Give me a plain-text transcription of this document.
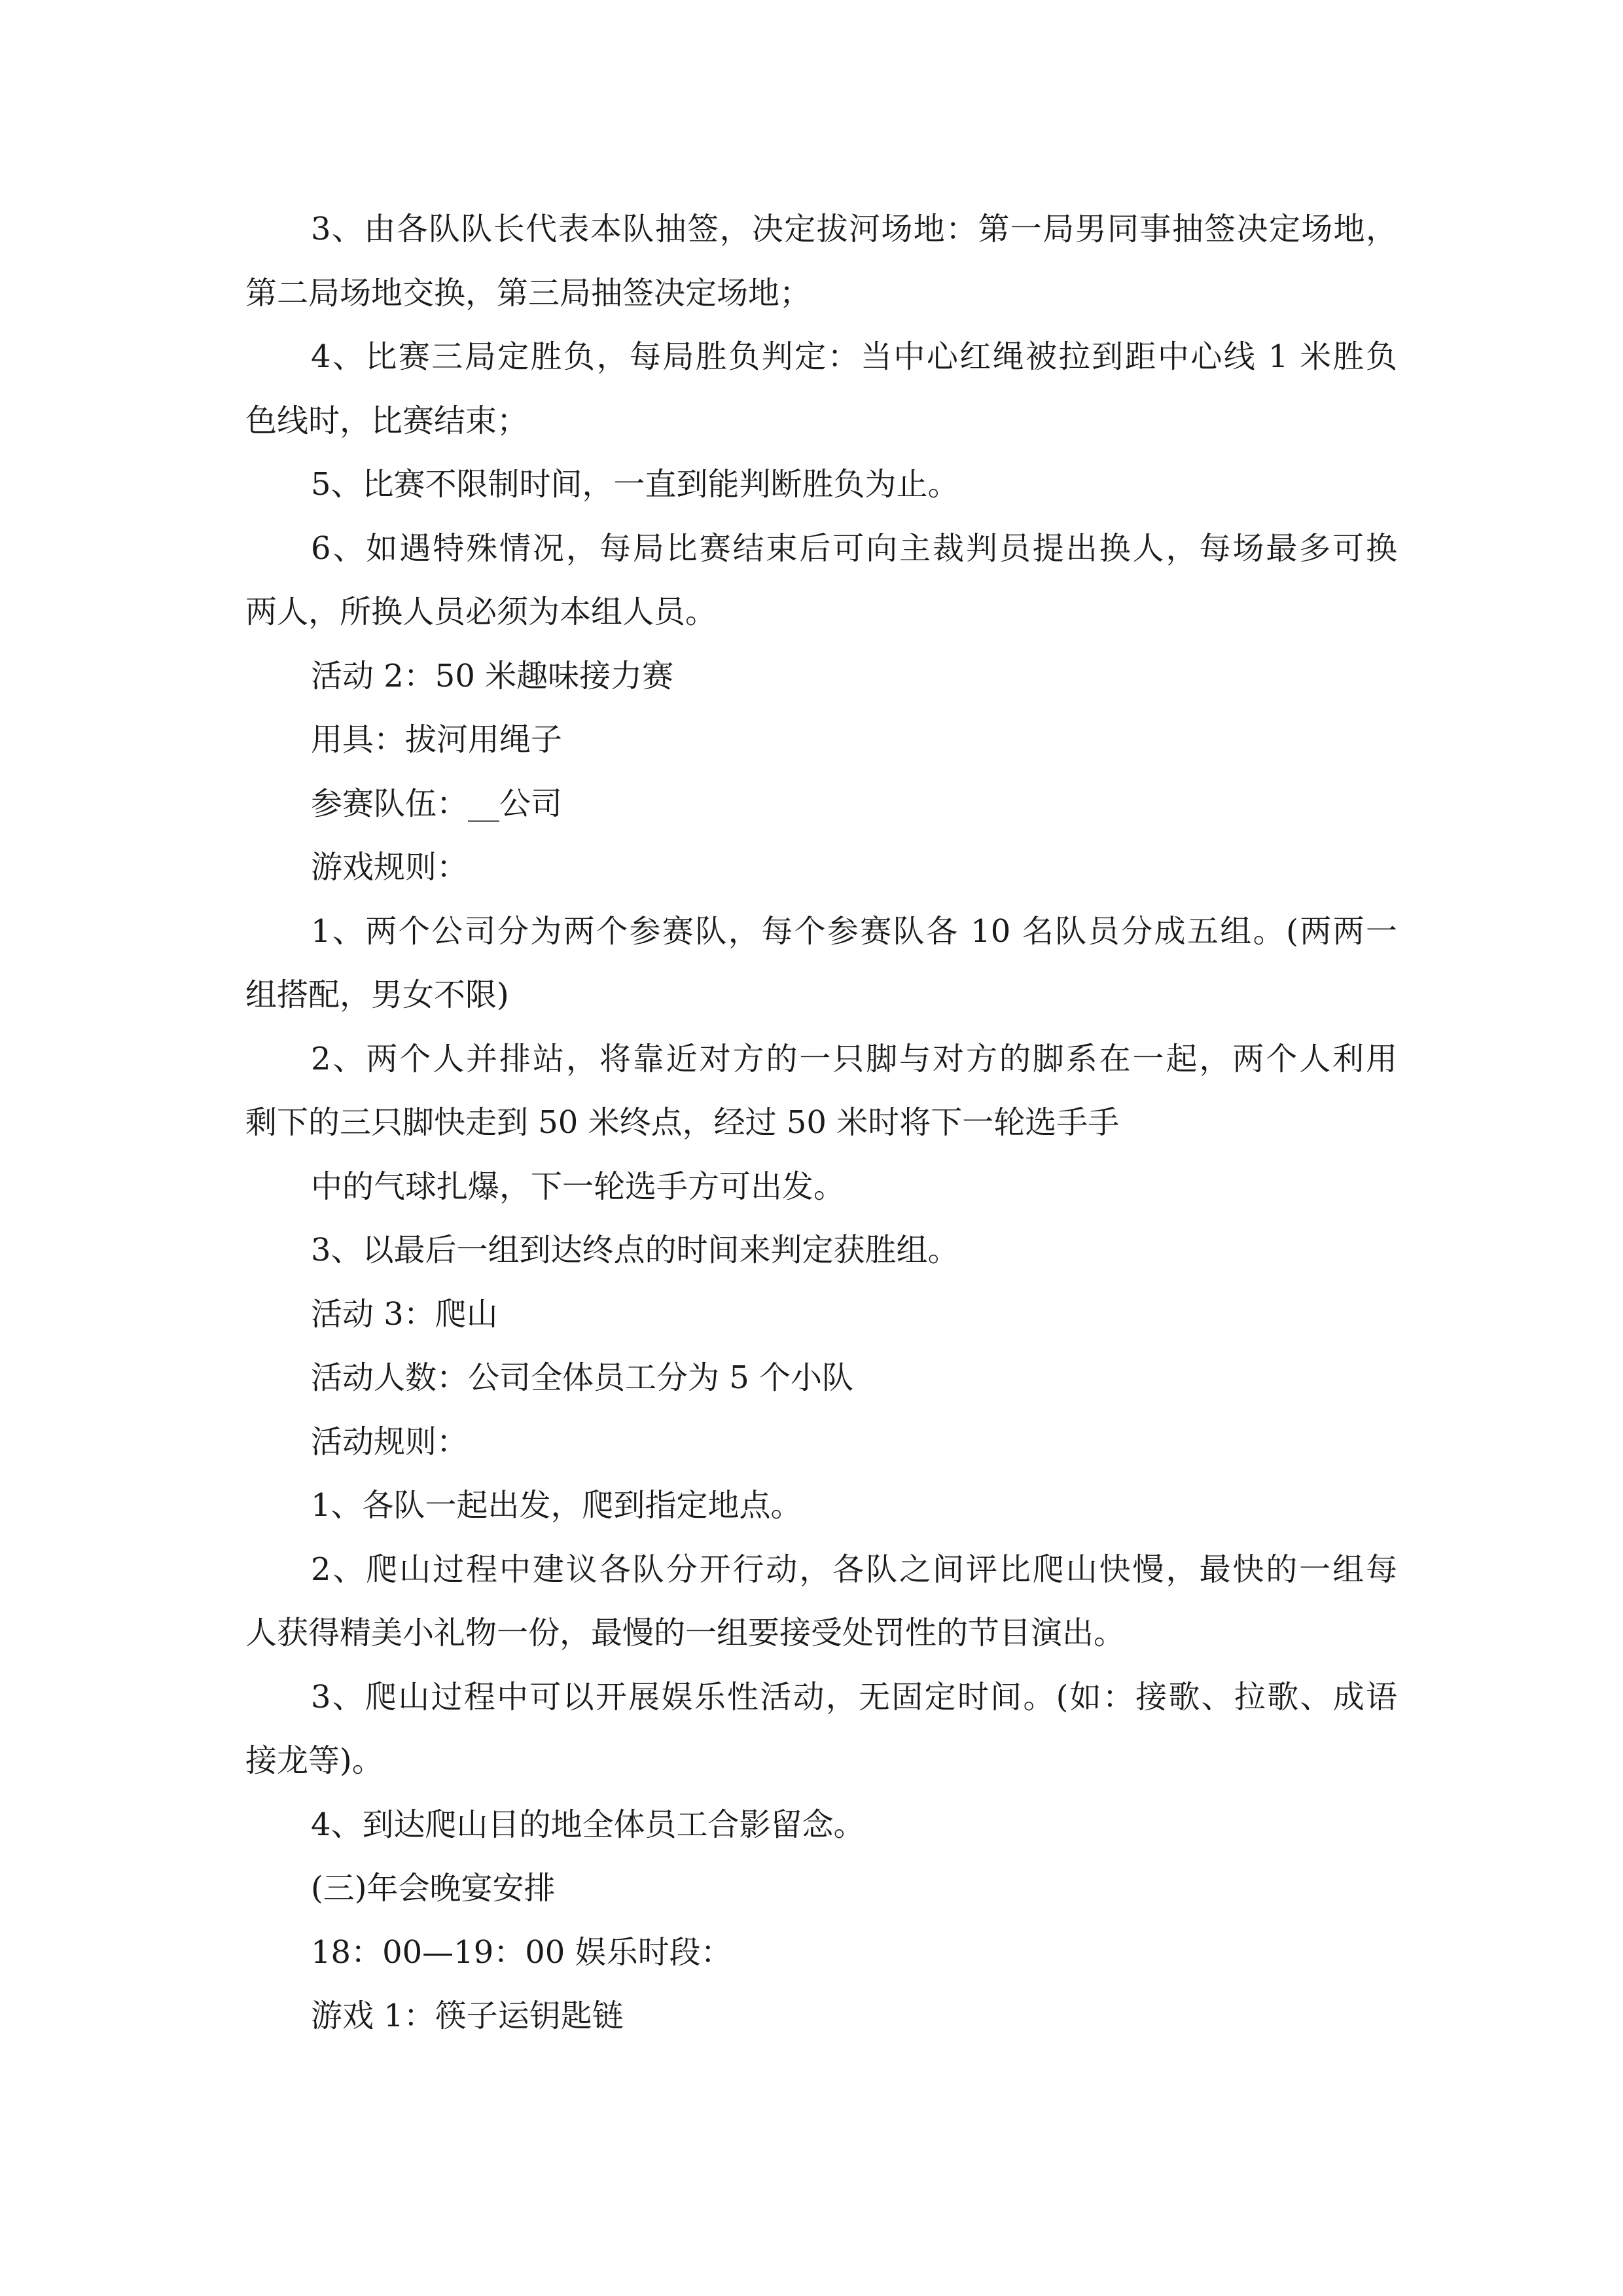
3、由各队队长代表本队抽签，决定拔河场地：第一局男同事抽签决定场地，
第二局场地交换，第三局抽签决定场地；
4、比赛三局定胜负，每局胜负判定：当中心红绳被拉到距中心线 1 米胜负
色线时，比赛结束；
5、比赛不限制时间，一直到能判断胜负为止。
6、如遇特殊情况，每局比赛结束后可向主裁判员提出换人，每场最多可换
两人，所换人员必须为本组人员。
活动 2：50 米趣味接力赛
用具：拔河用绳子
参赛队伍：__公司
游戏规则：
1、两个公司分为两个参赛队，每个参赛队各 10 名队员分成五组。(两两一
组搭配，男女不限)
2、两个人并排站，将靠近对方的一只脚与对方的脚系在一起，两个人利用
剩下的三只脚快走到 50 米终点，经过 50 米时将下一轮选手手
中的气球扎爆，下一轮选手方可出发。
3、以最后一组到达终点的时间来判定获胜组。
活动 3：爬山
活动人数：公司全体员工分为 5 个小队
活动规则：
1、各队一起出发，爬到指定地点。
2、爬山过程中建议各队分开行动，各队之间评比爬山快慢，最快的一组每
人获得精美小礼物一份，最慢的一组要接受处罚性的节目演出。
3、爬山过程中可以开展娱乐性活动，无固定时间。(如：接歌、拉歌、成语
接龙等)。
4、到达爬山目的地全体员工合影留念。
(三)年会晚宴安排
18：00—19：00 娱乐时段：
游戏 1：筷子运钥匙链
